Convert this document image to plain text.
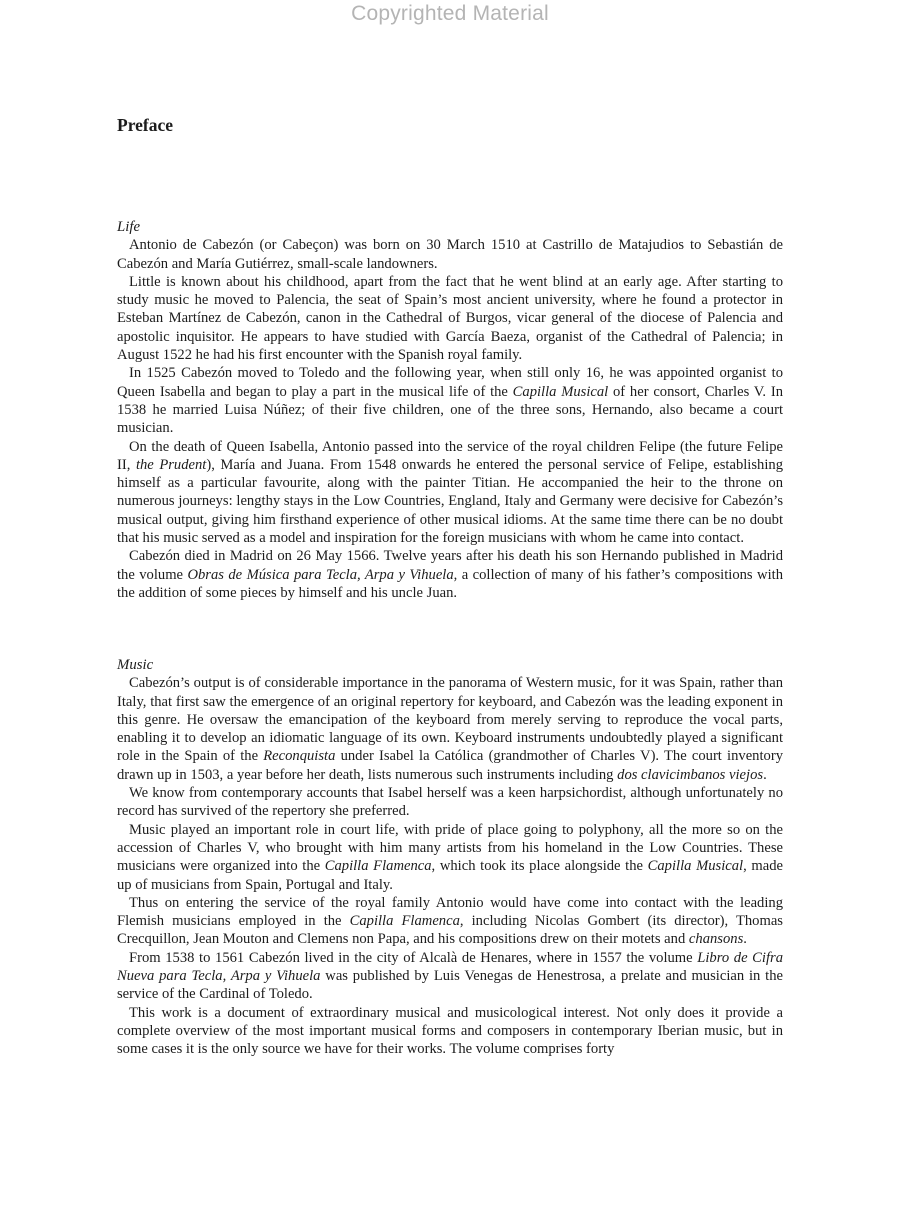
Copyrighted Material
Preface
Life

Antonio de Cabezón (or Cabeçon) was born on 30 March 1510 at Castrillo de Matajudios to Sebastián de Cabezón and María Gutiérrez, small-scale landowners.

Little is known about his childhood, apart from the fact that he went blind at an early age. After starting to study music he moved to Palencia, the seat of Spain’s most ancient university, where he found a protector in Esteban Martínez de Cabezón, canon in the Cathedral of Burgos, vicar general of the diocese of Palencia and apostolic inquisitor. He appears to have studied with García Baeza, organist of the Cathedral of Palencia; in August 1522 he had his first encounter with the Spanish royal family.

In 1525 Cabezón moved to Toledo and the following year, when still only 16, he was appointed organist to Queen Isabella and began to play a part in the musical life of the Capilla Musical of her consort, Charles V. In 1538 he married Luisa Núñez; of their five children, one of the three sons, Hernando, also became a court musician.

On the death of Queen Isabella, Antonio passed into the service of the royal children Felipe (the future Felipe II, the Prudent), María and Juana. From 1548 onwards he entered the personal service of Felipe, establishing himself as a particular favourite, along with the painter Titian. He accompanied the heir to the throne on numerous journeys: lengthy stays in the Low Countries, England, Italy and Germany were decisive for Cabezón’s musical output, giving him firsthand experience of other musical idioms. At the same time there can be no doubt that his music served as a model and inspiration for the foreign musicians with whom he came into contact.

Cabezón died in Madrid on 26 May 1566. Twelve years after his death his son Hernando published in Madrid the volume Obras de Música para Tecla, Arpa y Vihuela, a collection of many of his father’s compositions with the addition of some pieces by himself and his uncle Juan.

Music

Cabezón’s output is of considerable importance in the panorama of Western music, for it was Spain, rather than Italy, that first saw the emergence of an original repertory for keyboard, and Cabezón was the leading exponent in this genre. He oversaw the emancipation of the keyboard from merely serving to reproduce the vocal parts, enabling it to develop an idiomatic language of its own. Keyboard instruments undoubtedly played a significant role in the Spain of the Reconquista under Isabel la Católica (grandmother of Charles V). The court inventory drawn up in 1503, a year before her death, lists numerous such instruments including dos clavicimbanos viejos.

We know from contemporary accounts that Isabel herself was a keen harpsichordist, although unfortunately no record has survived of the repertory she preferred.

Music played an important role in court life, with pride of place going to polyphony, all the more so on the accession of Charles V, who brought with him many artists from his homeland in the Low Countries. These musicians were organized into the Capilla Flamenca, which took its place alongside the Capilla Musical, made up of musicians from Spain, Portugal and Italy.

Thus on entering the service of the royal family Antonio would have come into contact with the leading Flemish musicians employed in the Capilla Flamenca, including Nicolas Gombert (its director), Thomas Crecquillon, Jean Mouton and Clemens non Papa, and his compositions drew on their motets and chansons.

From 1538 to 1561 Cabezón lived in the city of Alcalà de Henares, where in 1557 the volume Libro de Cifra Nueva para Tecla, Arpa y Vihuela was published by Luis Venegas de Henestrosa, a prelate and musician in the service of the Cardinal of Toledo.

This work is a document of extraordinary musical and musicological interest. Not only does it provide a complete overview of the most important musical forms and composers in contemporary Iberian music, but in some cases it is the only source we have for their works. The volume comprises forty
